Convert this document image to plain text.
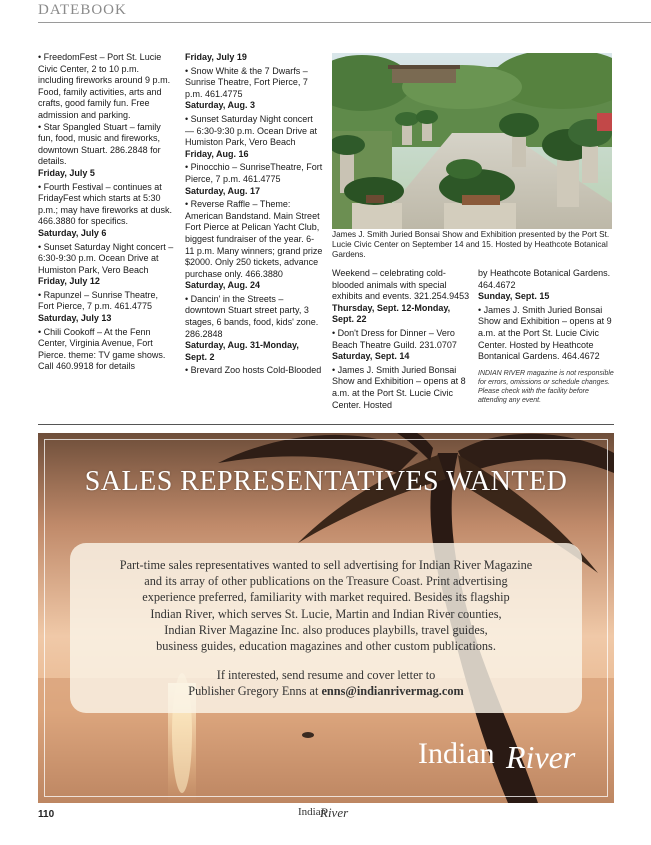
DATEBOOK

• FreedomFest – Port St. Lucie Civic Center, 2 to 10 p.m. including fireworks around 9 p.m. Food, family activities, arts and crafts, good family fun. Free admission and parking.

• Star Spangled Stuart – family fun, food, music and fireworks, downtown Stuart. 286.2848 for details.

Friday, July 5

• Fourth Festival – continues at FridayFest which starts at 5:30 p.m.; may have fireworks at dusk. 466.3880 for specifics.

Saturday, July 6

• Sunset Saturday Night concert – 6:30-9:30 p.m. Ocean Drive at Humiston Park, Vero Beach

Friday, July 12

• Rapunzel – Sunrise Theatre, Fort Pierce, 7 p.m. 461.4775

Saturday, July 13

• Chili Cookoff – At the Fenn Center, Virginia Avenue, Fort Pierce. theme: TV game shows. Call 460.9918 for details

Friday, July 19

• Snow White & the 7 Dwarfs – Sunrise Theatre, Fort Pierce, 7 p.m. 461.4775

Saturday, Aug. 3

• Sunset Saturday Night concert — 6:30-9:30 p.m. Ocean Drive at Humiston Park, Vero Beach

Friday, Aug. 16

• Pinocchio – SunriseTheatre, Fort Pierce, 7 p.m. 461.4775

Saturday, Aug. 17

• Reverse Raffle – Theme: American Bandstand. Main Street Fort Pierce at Pelican Yacht Club, biggest fundraiser of the year. 6-11 p.m. Many winners; grand prize $2000. Only 250 tickets, advance purchase only. 466.3880

Saturday, Aug. 24

• Dancin' in the Streets – downtown Stuart street party, 3 stages, 6 bands, food, kids' zone. 286.2848

Saturday, Aug. 31-Monday, Sept. 2

• Brevard Zoo hosts Cold-Blooded

James J. Smith Juried Bonsai Show and Exhibition presented by the Port St. Lucie Civic Center on September 14 and 15. Hosted by Heathcote Botanical Gardens.

Weekend – celebrating cold-blooded animals with special exhibits and events. 321.254.9453

Thursday, Sept. 12-Monday, Sept. 22

• Don't Dress for Dinner – Vero Beach Theatre Guild. 231.0707

Saturday, Sept. 14

• James J. Smith Juried Bonsai Show and Exhibition – opens at 8 a.m. at the Port St. Lucie Civic Center. Hosted

by Heathcote Botanical Gardens. 464.4672

Sunday, Sept. 15

• James J. Smith Juried Bonsai Show and Exhibition – opens at 9 a.m. at the Port St. Lucie Civic Center. Hosted by Heathcote Bontanical Gardens. 464.4672

INDIAN RIVER magazine is not responsible for errors, omissions or schedule changes. Please check with the facility before attending any event.
SALES REPRESENTATIVES WANTED
Part-time sales representatives wanted to sell advertising for Indian River Magazine
and its array of other publications on the Treasure Coast. Print advertising
experience preferred, familiarity with market required. Besides its flagship
Indian River, which serves St. Lucie, Martin and Indian River counties,
Indian River Magazine Inc. also produces playbills, travel guides,
business guides, education magazines and other custom publications.
If interested, send resume and cover letter to
Publisher Gregory Enns at enns@indianrivermag.com
Indian River
110	Indian
River
